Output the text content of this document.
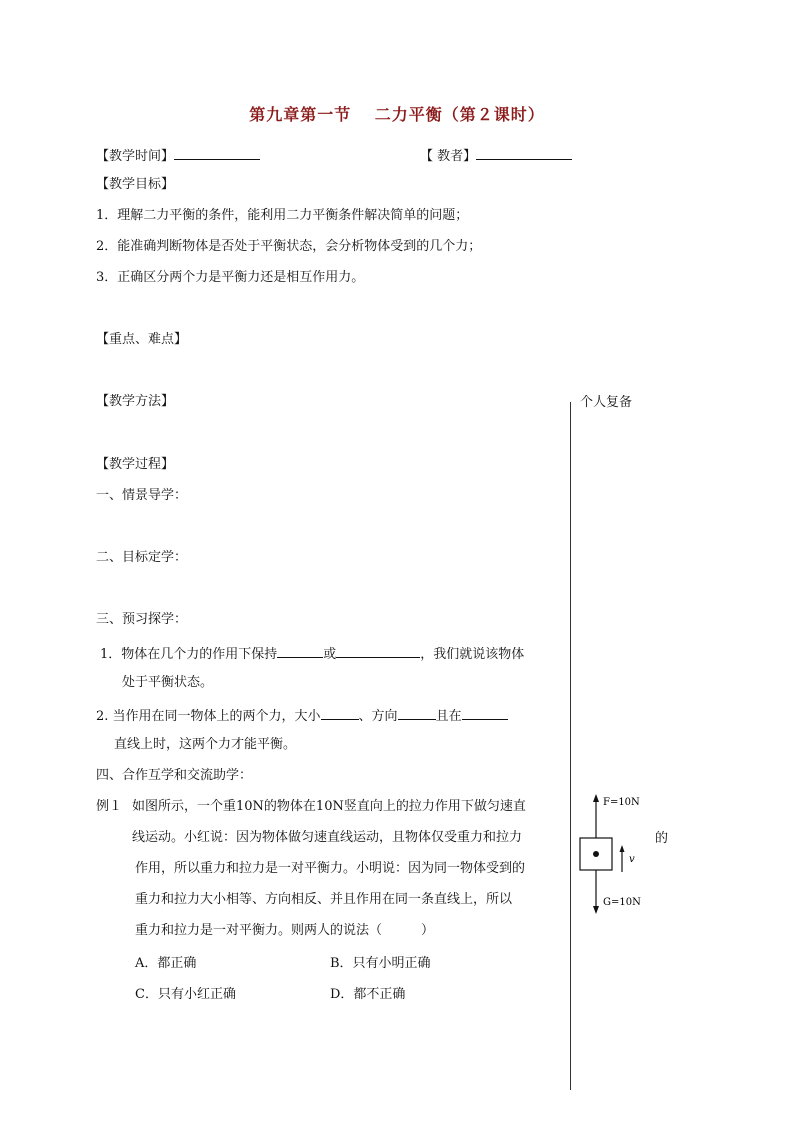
第九章第一节　 二力平衡（第２课时）
【教学时间】	【 教者】
【教学目标】
1．理解二力平衡的条件，能利用二力平衡条件解决简单的问题；
2．能准确判断物体是否处于平衡状态，会分析物体受到的几个力；
3．正确区分两个力是平衡力还是相互作用力。
【重点、难点】
【教学方法】	个人复备
【教学过程】
一、情景导学：
二、目标定学：
三、预习探学：
1．物体在几个力的作用下保持	或	，我们就说该物体
处于平衡状态。
2. 当作用在同一物体上的两个力，大小	、方向	且在
直线上时，这两个力才能平衡。
四、合作互学和交流助学：
例１ 如图所示，一个重10N的物体在10N竖直向上的拉力作用下做匀速直
线运动。小红说：因为物体做匀速直线运动，且物体仅受重力和拉力
作用，所以重力和拉力是一对平衡力。小明说：因为同一物体受到的
重力和拉力大小相等、方向相反、并且作用在同一条直线上，所以
重力和拉力是一对平衡力。则两人的说法（　　　）
A．都正确	B．只有小明正确
C．只有小红正确	D．都不正确
的
F=10N
v
G=10N
